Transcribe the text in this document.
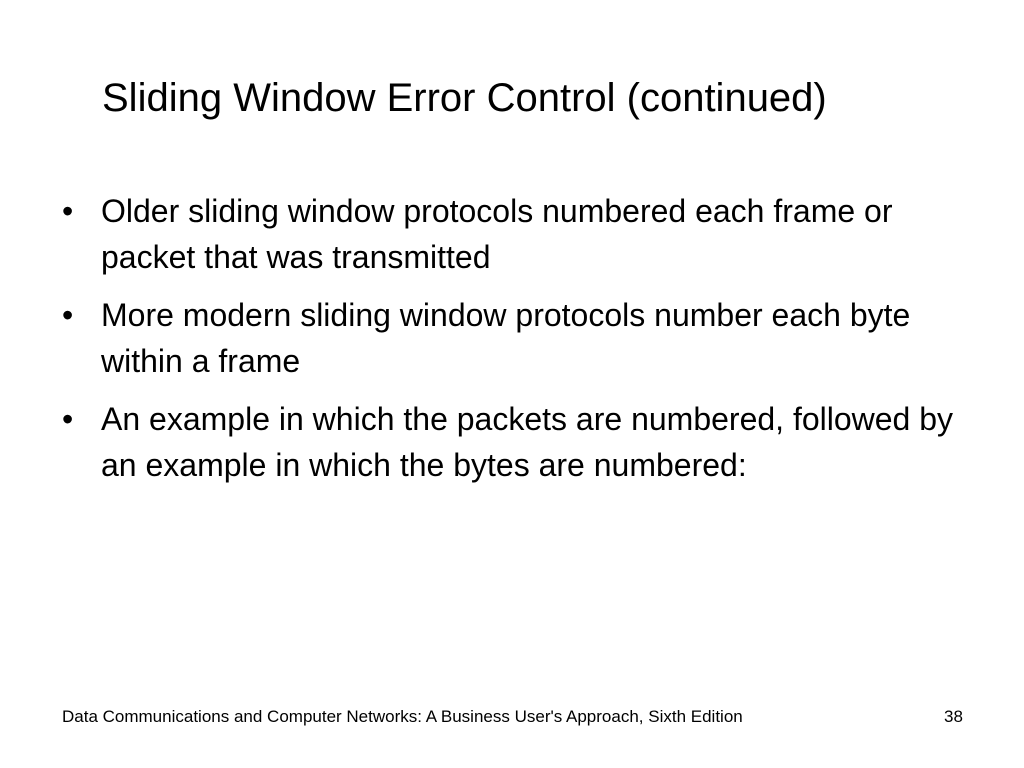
Sliding Window Error Control (continued)
• Older sliding window protocols numbered each frame or packet that was transmitted
• More modern sliding window protocols number each byte within a frame
• An example in which the packets are numbered, followed by an example in which the bytes are numbered:
Data Communications and Computer Networks: A Business User's Approach, Sixth Edition	38
